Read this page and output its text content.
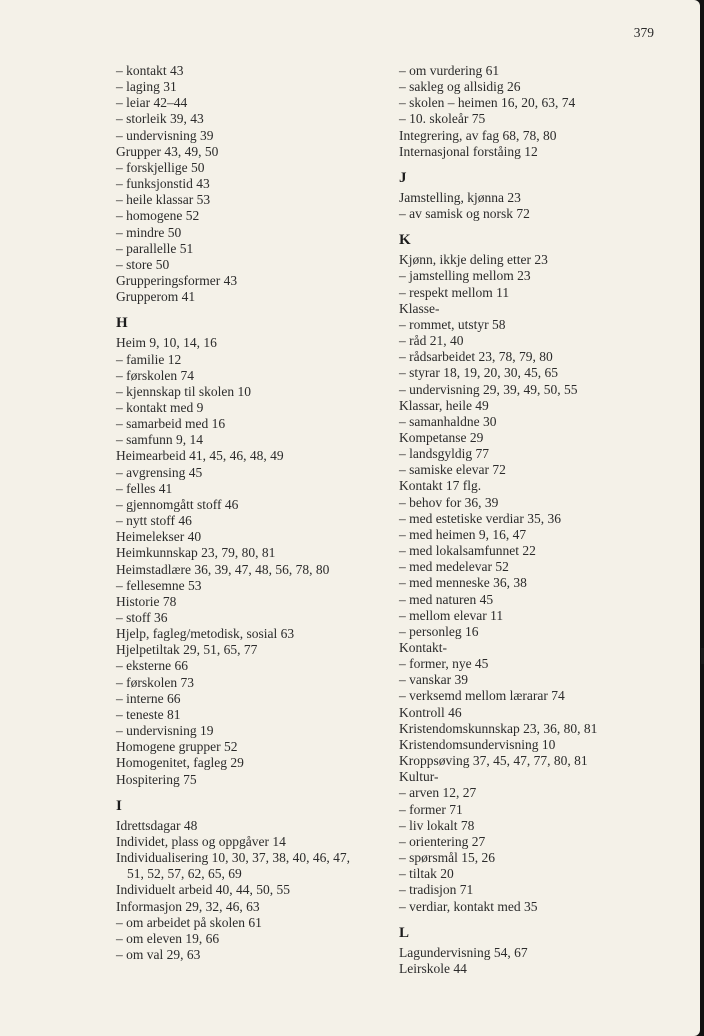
379
– kontakt 43
– laging 31
– leiar 42–44
– storleik 39, 43
– undervisning 39
Grupper 43, 49, 50
– forskjellige 50
– funksjonstid 43
– heile klassar 53
– homogene 52
– mindre 50
– parallelle 51
– store 50
Grupperingsformer 43
Grupperom 41
H
Heim 9, 10, 14, 16
– familie 12
– førskolen 74
– kjennskap til skolen 10
– kontakt med 9
– samarbeid med 16
– samfunn 9, 14
Heimearbeid 41, 45, 46, 48, 49
– avgrensing 45
– felles 41
– gjennomgått stoff 46
– nytt stoff 46
Heimelekser 40
Heimkunnskap 23, 79, 80, 81
Heimstadlære 36, 39, 47, 48, 56, 78, 80
– fellesemne 53
Historie 78
– stoff 36
Hjelp, fagleg/metodisk, sosial 63
Hjelpetiltak 29, 51, 65, 77
– eksterne 66
– førskolen 73
– interne 66
– teneste 81
– undervisning 19
Homogene grupper 52
Homogenitet, fagleg 29
Hospitering 75
I
Idrettsdagar 48
Individet, plass og oppgåver 14
Individualisering 10, 30, 37, 38, 40, 46, 47,
51, 52, 57, 62, 65, 69
Individuelt arbeid 40, 44, 50, 55
Informasjon 29, 32, 46, 63
– om arbeidet på skolen 61
– om eleven 19, 66
– om val 29, 63
– om vurdering 61
– sakleg og allsidig 26
– skolen – heimen 16, 20, 63, 74
– 10. skoleår 75
Integrering, av fag 68, 78, 80
Internasjonal forståing 12
J
Jamstelling, kjønna 23
– av samisk og norsk 72
K
Kjønn, ikkje deling etter 23
– jamstelling mellom 23
– respekt mellom 11
Klasse-
– rommet, utstyr 58
– råd 21, 40
– rådsarbeidet 23, 78, 79, 80
– styrar 18, 19, 20, 30, 45, 65
– undervisning 29, 39, 49, 50, 55
Klassar, heile 49
– samanhaldne 30
Kompetanse 29
– landsgyldig 77
– samiske elevar 72
Kontakt 17 flg.
– behov for 36, 39
– med estetiske verdiar 35, 36
– med heimen 9, 16, 47
– med lokalsamfunnet 22
– med medelevar 52
– med menneske 36, 38
– med naturen 45
– mellom elevar 11
– personleg 16
Kontakt-
– former, nye 45
– vanskar 39
– verksemd mellom lærarar 74
Kontroll 46
Kristendomskunnskap 23, 36, 80, 81
Kristendomsundervisning 10
Kroppsøving 37, 45, 47, 77, 80, 81
Kultur-
– arven 12, 27
– former 71
– liv lokalt 78
– orientering 27
– spørsmål 15, 26
– tiltak 20
– tradisjon 71
– verdiar, kontakt med 35
L
Lagundervisning 54, 67
Leirskole 44
